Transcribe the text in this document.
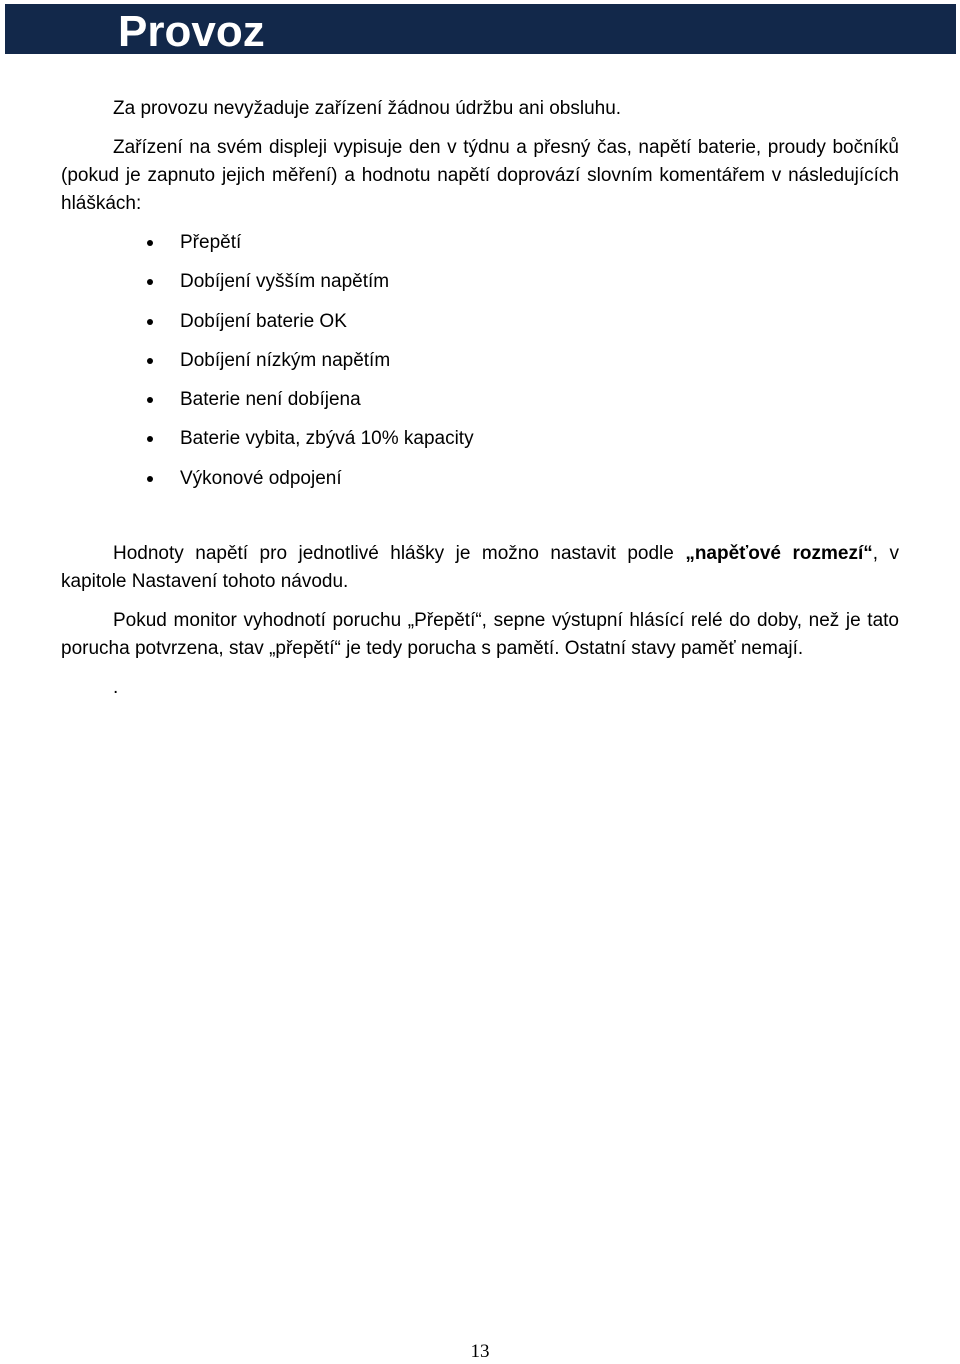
Provoz

Za provozu nevyžaduje zařízení žádnou údržbu ani obsluhu.

Zařízení na svém displeji vypisuje den v týdnu a přesný čas, napětí baterie, proudy bočníků (pokud je zapnuto jejich měření) a hodnotu napětí doprovází slovním komentářem v následujících hláškách:

Přepětí
Dobíjení vyšším napětím
Dobíjení baterie OK
Dobíjení nízkým napětím
Baterie není dobíjena
Baterie vybita, zbývá 10% kapacity
Výkonové odpojení

Hodnoty napětí pro jednotlivé hlášky je možno nastavit podle „napěťové rozmezí“, v kapitole Nastavení tohoto návodu.

Pokud monitor vyhodnotí poruchu „Přepětí“, sepne výstupní hlásící relé do doby, než je tato porucha potvrzena, stav „přepětí“ je tedy porucha s pamětí. Ostatní stavy paměť nemají.

.

13
